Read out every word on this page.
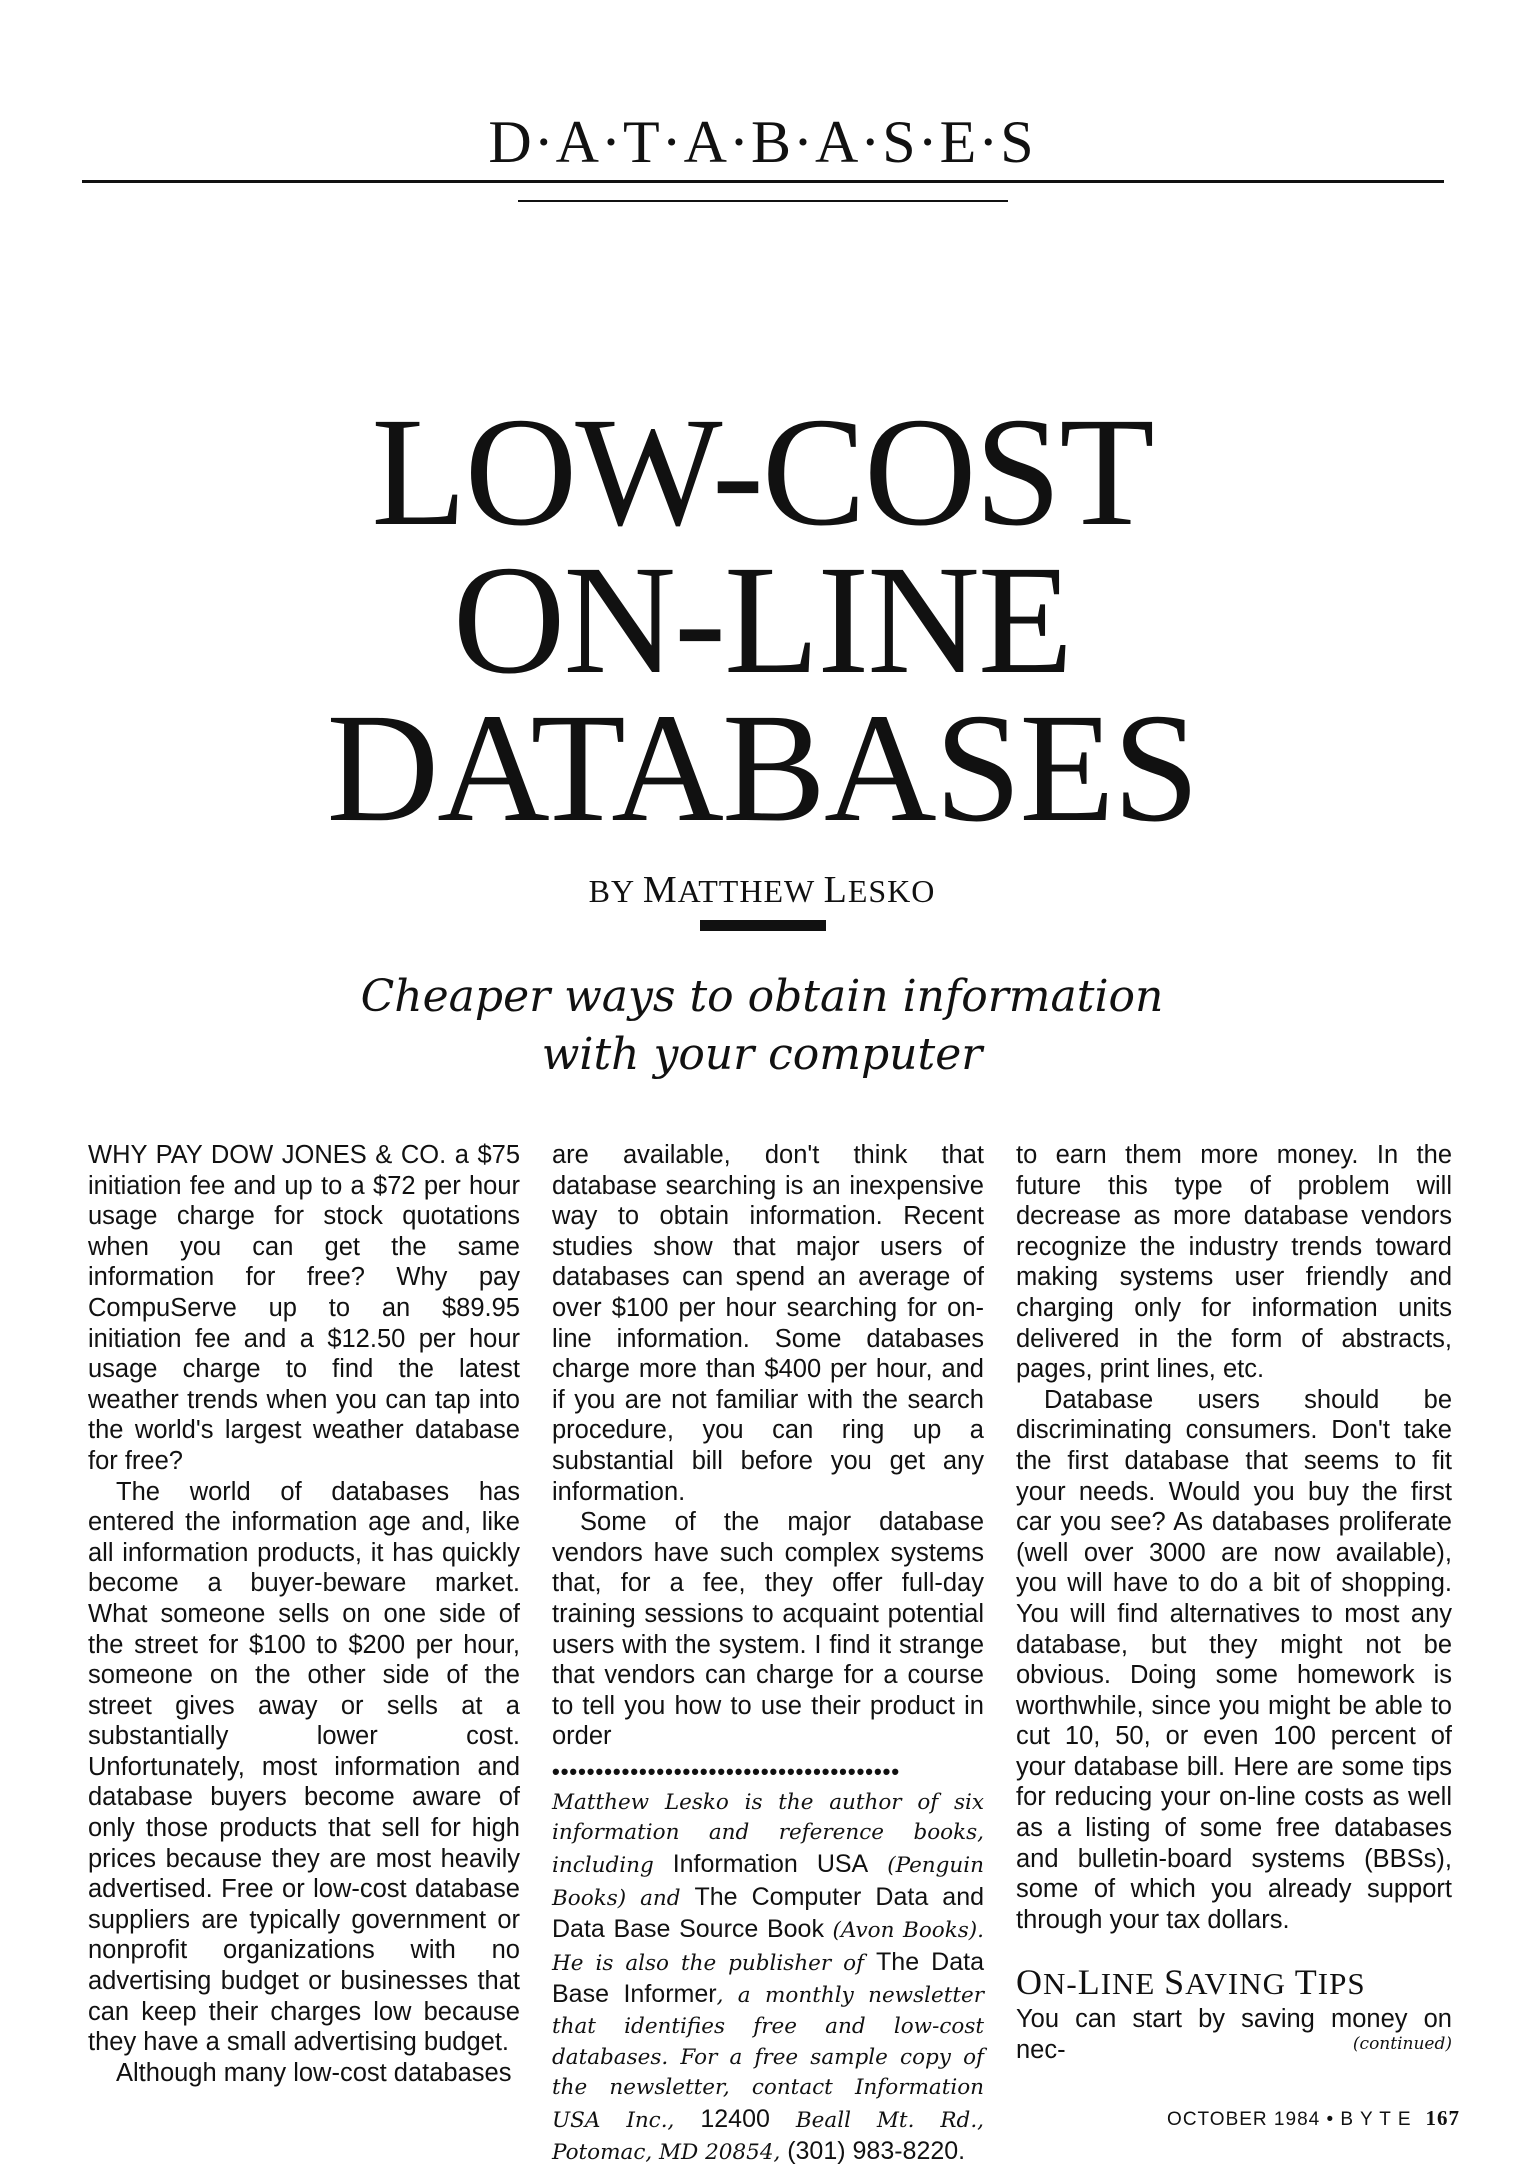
D·A·T·A·B·A·S·E·S
LOW-COST
ON-LINE
DATABASES
BY MATTHEW LESKO
Cheaper ways to obtain information
with your computer

WHY PAY DOW JONES & CO. a $75 initiation fee and up to a $72 per hour usage charge for stock quotations when you can get the same information for free? Why pay CompuServe up to an $89.95 initiation fee and a $12.50 per hour usage charge to find the latest weather trends when you can tap into the world's largest weather database for free?

The world of databases has entered the information age and, like all information products, it has quickly become a buyer-beware market. What someone sells on one side of the street for $100 to $200 per hour, someone on the other side of the street gives away or sells at a substantially lower cost. Unfortunately, most information and database buyers become aware of only those products that sell for high prices because they are most heavily advertised. Free or low-cost database suppliers are typically government or nonprofit organizations with no advertising budget or businesses that can keep their charges low because they have a small advertising budget.

Although many low-cost databases

are available, don't think that database searching is an inexpensive way to obtain information. Recent studies show that major users of databases can spend an average of over $100 per hour searching for on-line information. Some databases charge more than $400 per hour, and if you are not familiar with the search procedure, you can ring up a substantial bill before you get any information.

Some of the major database vendors have such complex systems that, for a fee, they offer full-day training sessions to acquaint potential users with the system. I find it strange that vendors can charge for a course to tell you how to use their product in order

••••••••••••••••••••••••••••••••••••••••

Matthew Lesko is the author of six information and reference books, including Information USA (Penguin Books) and The Computer Data and Data Base Source Book (Avon Books). He is also the publisher of The Data Base Informer, a monthly newsletter that identifies free and low-cost databases. For a free sample copy of the newsletter, contact Information USA Inc., 12400 Beall Mt. Rd., Potomac, MD 20854, (301) 983-8220.

to earn them more money. In the future this type of problem will decrease as more database vendors recognize the industry trends toward making systems user friendly and charging only for information units delivered in the form of abstracts, pages, print lines, etc.

Database users should be discriminating consumers. Don't take the first database that seems to fit your needs. Would you buy the first car you see? As databases proliferate (well over 3000 are now available), you will have to do a bit of shopping. You will find alternatives to most any database, but they might not be obvious. Doing some homework is worthwhile, since you might be able to cut 10, 50, or even 100 percent of your database bill. Here are some tips for reducing your on-line costs as well as a listing of some free databases and bulletin-board systems (BBSs), some of which you already support through your tax dollars.

ON-LINE SAVING TIPS

You can start by saving money on nec-	(continued)
OCTOBER 1984 • B Y T E 167
